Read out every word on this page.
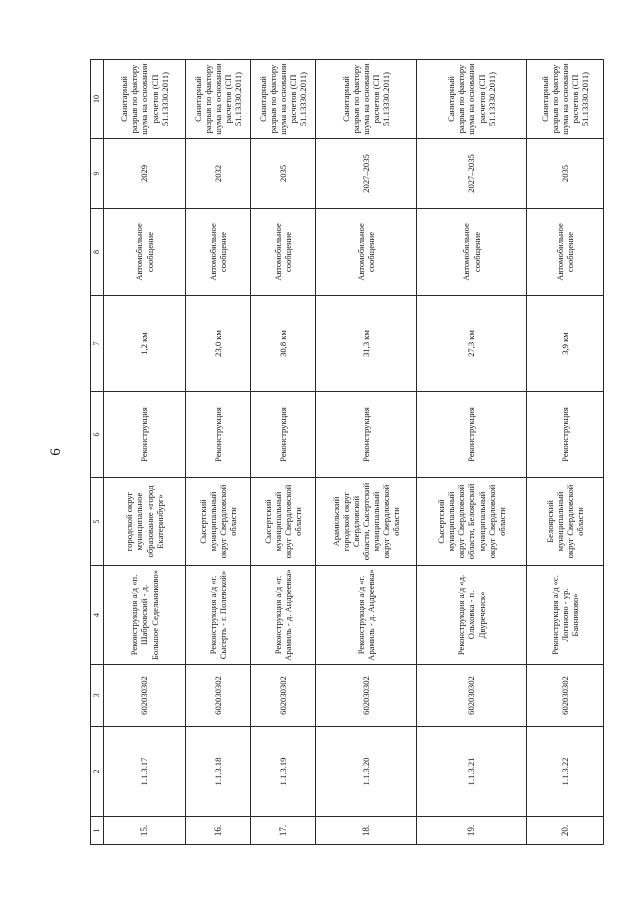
6
1	2	3	4	5	6	7	8	9	10
15.	1.1.3.17	602030302	Реконструкция а/д «п. Шабровский - д. Большое Седельниково»	городской округ муниципальное образование «город Екатеринбург»	Реконструкция	1,2 км	Автомобильное сообщение	2029	Санитарный разрыв по фактору шума на основании расчетов (СП 51.13330.2011)
16.	1.1.3.18	602030302	Реконструкция а/д «г. Сысерть - г. Полевской»	Сысертский муниципальный округ Свердловской области	Реконструкция	23,0 км	Автомобильное сообщение	2032	Санитарный разрыв по фактору шума на основании расчетов (СП 51.13330.2011)
17.	1.1.3.19	602030302	Реконструкция а/д «г. Арамиль - д. Андреевка»	Сысертский муниципальный округ Свердловской области	Реконструкция	30,8 км	Автомобильное сообщение	2035	Санитарный разрыв по фактору шума на основании расчетов (СП 51.13330.2011)
18.	1.1.3.20	602030302	Реконструкция а/д «г. Арамиль - д. Андреевка»	Арамильский городской округ Свердловской области, Сысертский муниципальный округ Свердловской области	Реконструкция	31,3 км	Автомобильное сообщение	2027–2035	Санитарный разрыв по фактору шума на основании расчетов (СП 51.13330.2011)
19.	1.1.3.21	602030302	Реконструкция а/д «д. Ольховка - п. Двуреченск»	Сысертский муниципальный округ Свердловской области, Белоярский муниципальный округ Свердловской области	Реконструкция	27,3 км	Автомобильное сообщение	2027–2035	Санитарный разрыв по фактору шума на основании расчетов (СП 51.13330.2011)
20.	1.1.3.22	602030302	Реконструкция а/д «с. Логиново - ур. Банниково»	Белоярский муниципальный округ Свердловской области	Реконструкция	3,9 км	Автомобильное сообщение	2035	Санитарный разрыв по фактору шума на основании расчетов (СП 51.13330.2011)
